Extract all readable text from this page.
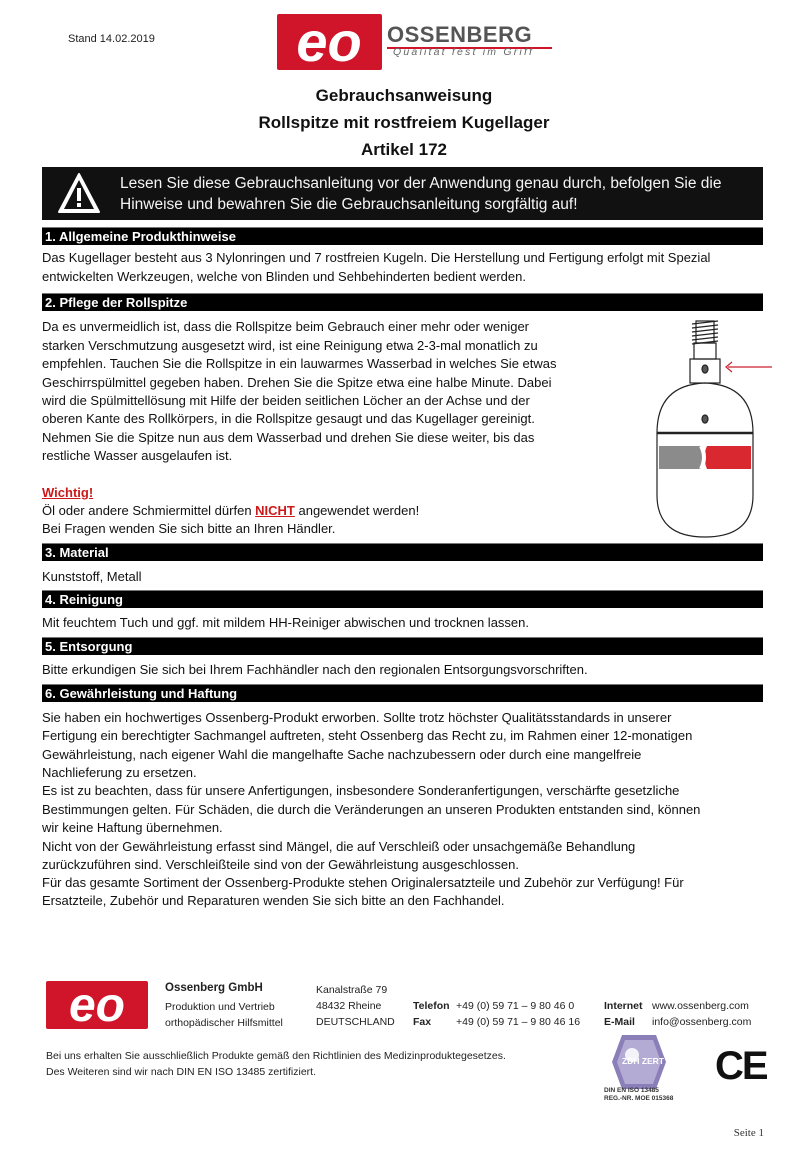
Stand 14.02.2019	eo OSSENBERG
Qualität fest im Griff
Gebrauchsanweisung
Rollspitze mit rostfreiem Kugellager
Artikel 172
Lesen Sie diese Gebrauchsanleitung vor der Anwendung genau durch, befolgen Sie die Hinweise und bewahren Sie die Gebrauchsanleitung sorgfältig auf!
1. Allgemeine Produkthinweise
Das Kugellager besteht aus 3 Nylonringen und 7 rostfreien Kugeln. Die Herstellung und Fertigung erfolgt mit Spezial
entwickelten Werkzeugen, welche von Blinden und Sehbehinderten bedient werden.
2. Pflege der Rollspitze
Da es unvermeidlich ist, dass die Rollspitze beim Gebrauch einer mehr oder weniger
starken Verschmutzung ausgesetzt wird, ist eine Reinigung etwa 2-3-mal monatlich zu
empfehlen. Tauchen Sie die Rollspitze in ein lauwarmes Wasserbad in welches Sie etwas
Geschirrspülmittel gegeben haben. Drehen Sie die Spitze etwa eine halbe Minute. Dabei
wird die Spülmittellösung mit Hilfe der beiden seitlichen Löcher an der Achse und der
oberen Kante des Rollkörpers, in die Rollspitze gesaugt und das Kugellager gereinigt.
Nehmen Sie die Spitze nun aus dem Wasserbad und drehen Sie diese weiter, bis das
restliche Wasser ausgelaufen ist.
Wichtig!
Öl oder andere Schmiermittel dürfen NICHT angewendet werden!
Bei Fragen wenden Sie sich bitte an Ihren Händler.
3. Material
Kunststoff, Metall
4. Reinigung
Mit feuchtem Tuch und ggf. mit mildem HH-Reiniger abwischen und trocknen lassen.
5. Entsorgung
Bitte erkundigen Sie sich bei Ihrem Fachhändler nach den regionalen Entsorgungsvorschriften.
6. Gewährleistung und Haftung
Sie haben ein hochwertiges Ossenberg-Produkt erworben. Sollte trotz höchster Qualitätsstandards in unserer
Fertigung ein berechtigter Sachmangel auftreten, steht Ossenberg das Recht zu, im Rahmen einer 12-monatigen
Gewährleistung, nach eigener Wahl die mangelhafte Sache nachzubessern oder durch eine mangelfreie
Nachlieferung zu ersetzen.
Es ist zu beachten, dass für unsere Anfertigungen, insbesondere Sonderanfertigungen, verschärfte gesetzliche
Bestimmungen gelten. Für Schäden, die durch die Veränderungen an unseren Produkten entstanden sind, können
wir keine Haftung übernehmen.
Nicht von der Gewährleistung erfasst sind Mängel, die auf Verschleiß oder unsachgemäße Behandlung
zurückzuführen sind. Verschleißteile sind von der Gewährleistung ausgeschlossen.
Für das gesamte Sortiment der Ossenberg-Produkte stehen Originalersatzteile und Zubehör zur Verfügung! Für
Ersatzteile, Zubehör und Reparaturen wenden Sie sich bitte an den Fachhandel.
eo	Ossenberg GmbH
Produktion und Vertrieb
orthopädischer Hilfsmittel
Kanalstraße 79
48432 Rheine
DEUTSCHLAND
Telefon +49 (0) 59 71 – 9 80 46 0
Fax +49 (0) 59 71 – 9 80 46 16
Internet www.ossenberg.com
E-Mail info@ossenberg.com
Bei uns erhalten Sie ausschließlich Produkte gemäß den Richtlinien des Medizinproduktegesetzes.
Des Weiteren sind wir nach DIN EN ISO 13485 zertifiziert.
ZDH ZERT
DIN EN ISO 13485
REG.-NR. MOE 015368
CE
Seite 1
